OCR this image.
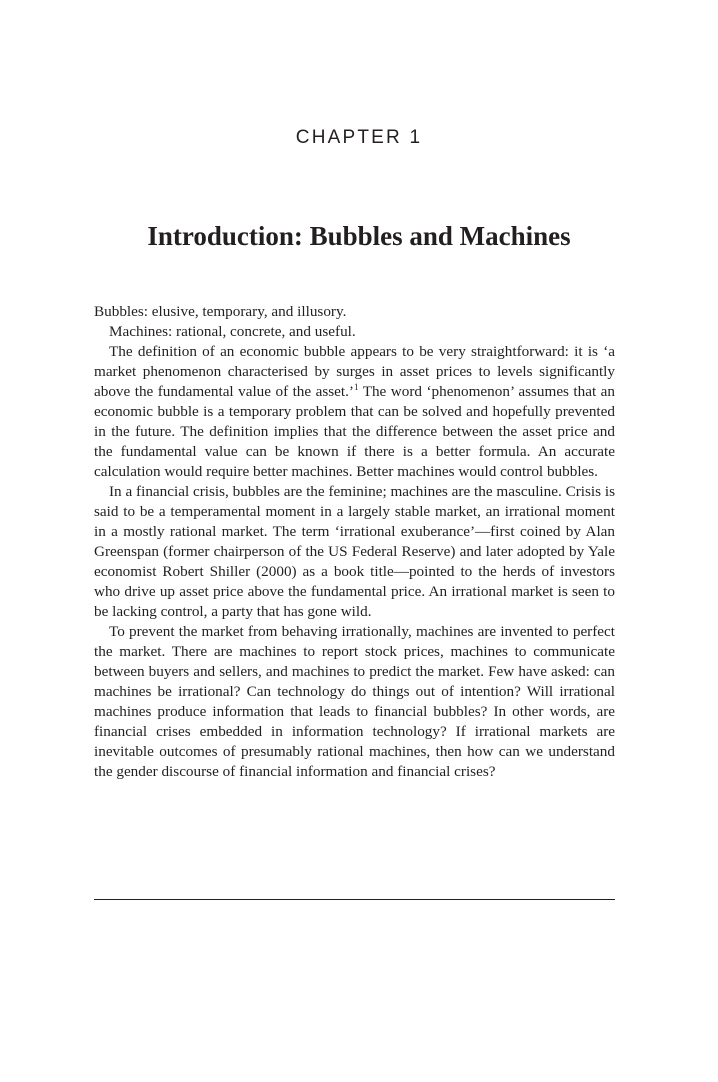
CHAPTER 1
Introduction: Bubbles and Machines

Bubbles: elusive, temporary, and illusory.

Machines: rational, concrete, and useful.

The definition of an economic bubble appears to be very straightforward: it is ‘a market phenomenon characterised by surges in asset prices to levels significantly above the fundamental value of the asset.’$^1$ The word ‘phenomenon’ assumes that an economic bubble is a temporary problem that can be solved and hopefully prevented in the future. The definition implies that the difference between the asset price and the fundamental value can be known if there is a better formula. An accurate calculation would require better machines. Better machines would control bubbles.

In a financial crisis, bubbles are the feminine; machines are the masculine. Crisis is said to be a temperamental moment in a largely stable market, an irrational moment in a mostly rational market. The term ‘irrational exuberance’—first coined by Alan Greenspan (former chairperson of the US Federal Reserve) and later adopted by Yale economist Robert Shiller (2000) as a book title—pointed to the herds of investors who drive up asset price above the fundamental price. An irrational market is seen to be lacking control, a party that has gone wild.

To prevent the market from behaving irrationally, machines are invented to perfect the market. There are machines to report stock prices, machines to communicate between buyers and sellers, and machines to predict the market. Few have asked: can machines be irrational? Can technology do things out of intention? Will irrational machines produce information that leads to financial bubbles? In other words, are financial crises embedded in information technology? If irrational markets are inevitable outcomes of presumably rational machines, then how can we understand the gender discourse of financial information and financial crises?
